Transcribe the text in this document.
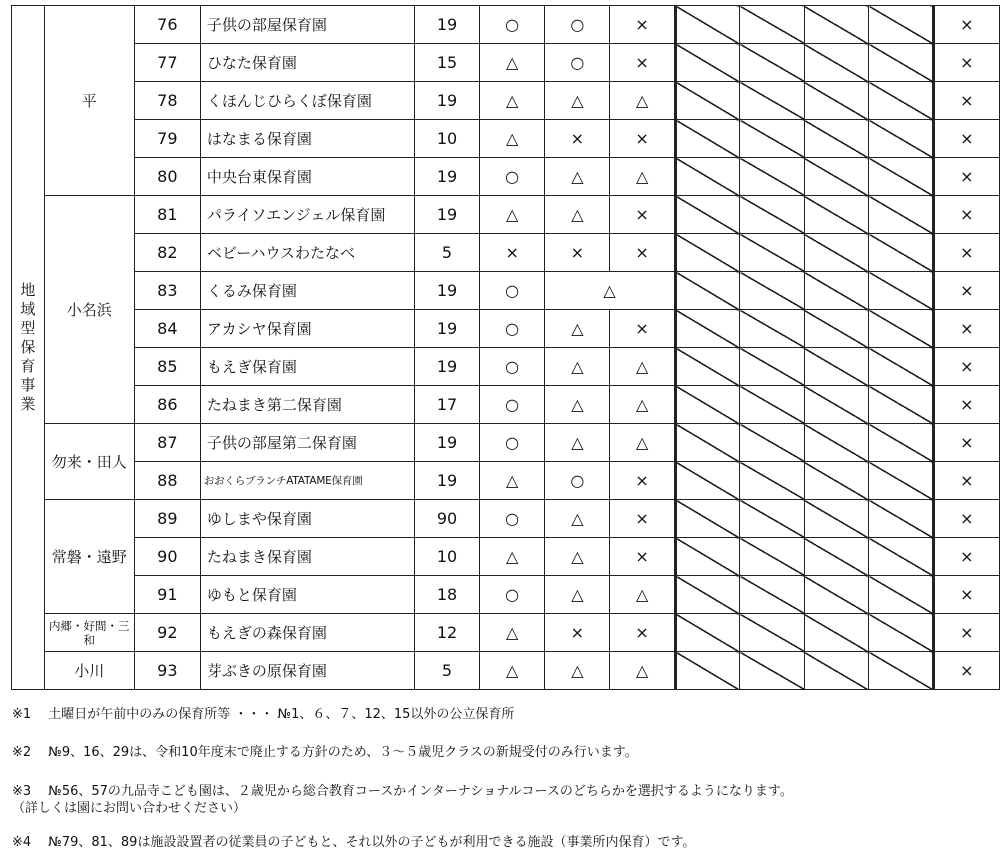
地域型保育事業	平	76	子供の部屋保育園	19	○	○	×					×
		77	ひなた保育園	15	△	○	×					×
		78	くほんじひらくぼ保育園	19	△	△	△					×
		79	はなまる保育園	10	△	×	×					×
		80	中央台東保育園	19	○	△	△					×
	小名浜	81	パライソエンジェル保育園	19	△	△	×					×
		82	ベビーハウスわたなべ	5	×	×	×					×
		83	くるみ保育園	19	○	△						×
		84	アカシヤ保育園	19	○	△	×					×
		85	もえぎ保育園	19	○	△	△					×
		86	たねまき第二保育園	17	○	△	△					×
	勿来・田人	87	子供の部屋第二保育園	19	○	△	△					×
		88	おおくらブランチATATAME保育園	19	△	○	×					×
	常磐・遠野	89	ゆしまや保育園	90	○	△	×					×
		90	たねまき保育園	10	△	△	×					×
		91	ゆもと保育園	18	○	△	△					×
	内郷・好間・三和	92	もえぎの森保育園	12	△	×	×					×
	小川	93	芽ぶきの原保育園	5	△	△	△					×
※1　 土曜日が午前中のみの保育所等 ・・・ №1、６、７、12、15以外の公立保育所
※2　 №9、16、29は、令和10年度末で廃止する方針のため、３～５歳児クラスの新規受付のみ行います。
※3　 №56、57の九品寺こども園は、２歳児から総合教育コースかインターナショナルコースのどちらかを選択するようになります。
（詳しくは園にお問い合わせください）
※4　 №79、81、89は施設設置者の従業員の子どもと、それ以外の子どもが利用できる施設（事業所内保育）です。
